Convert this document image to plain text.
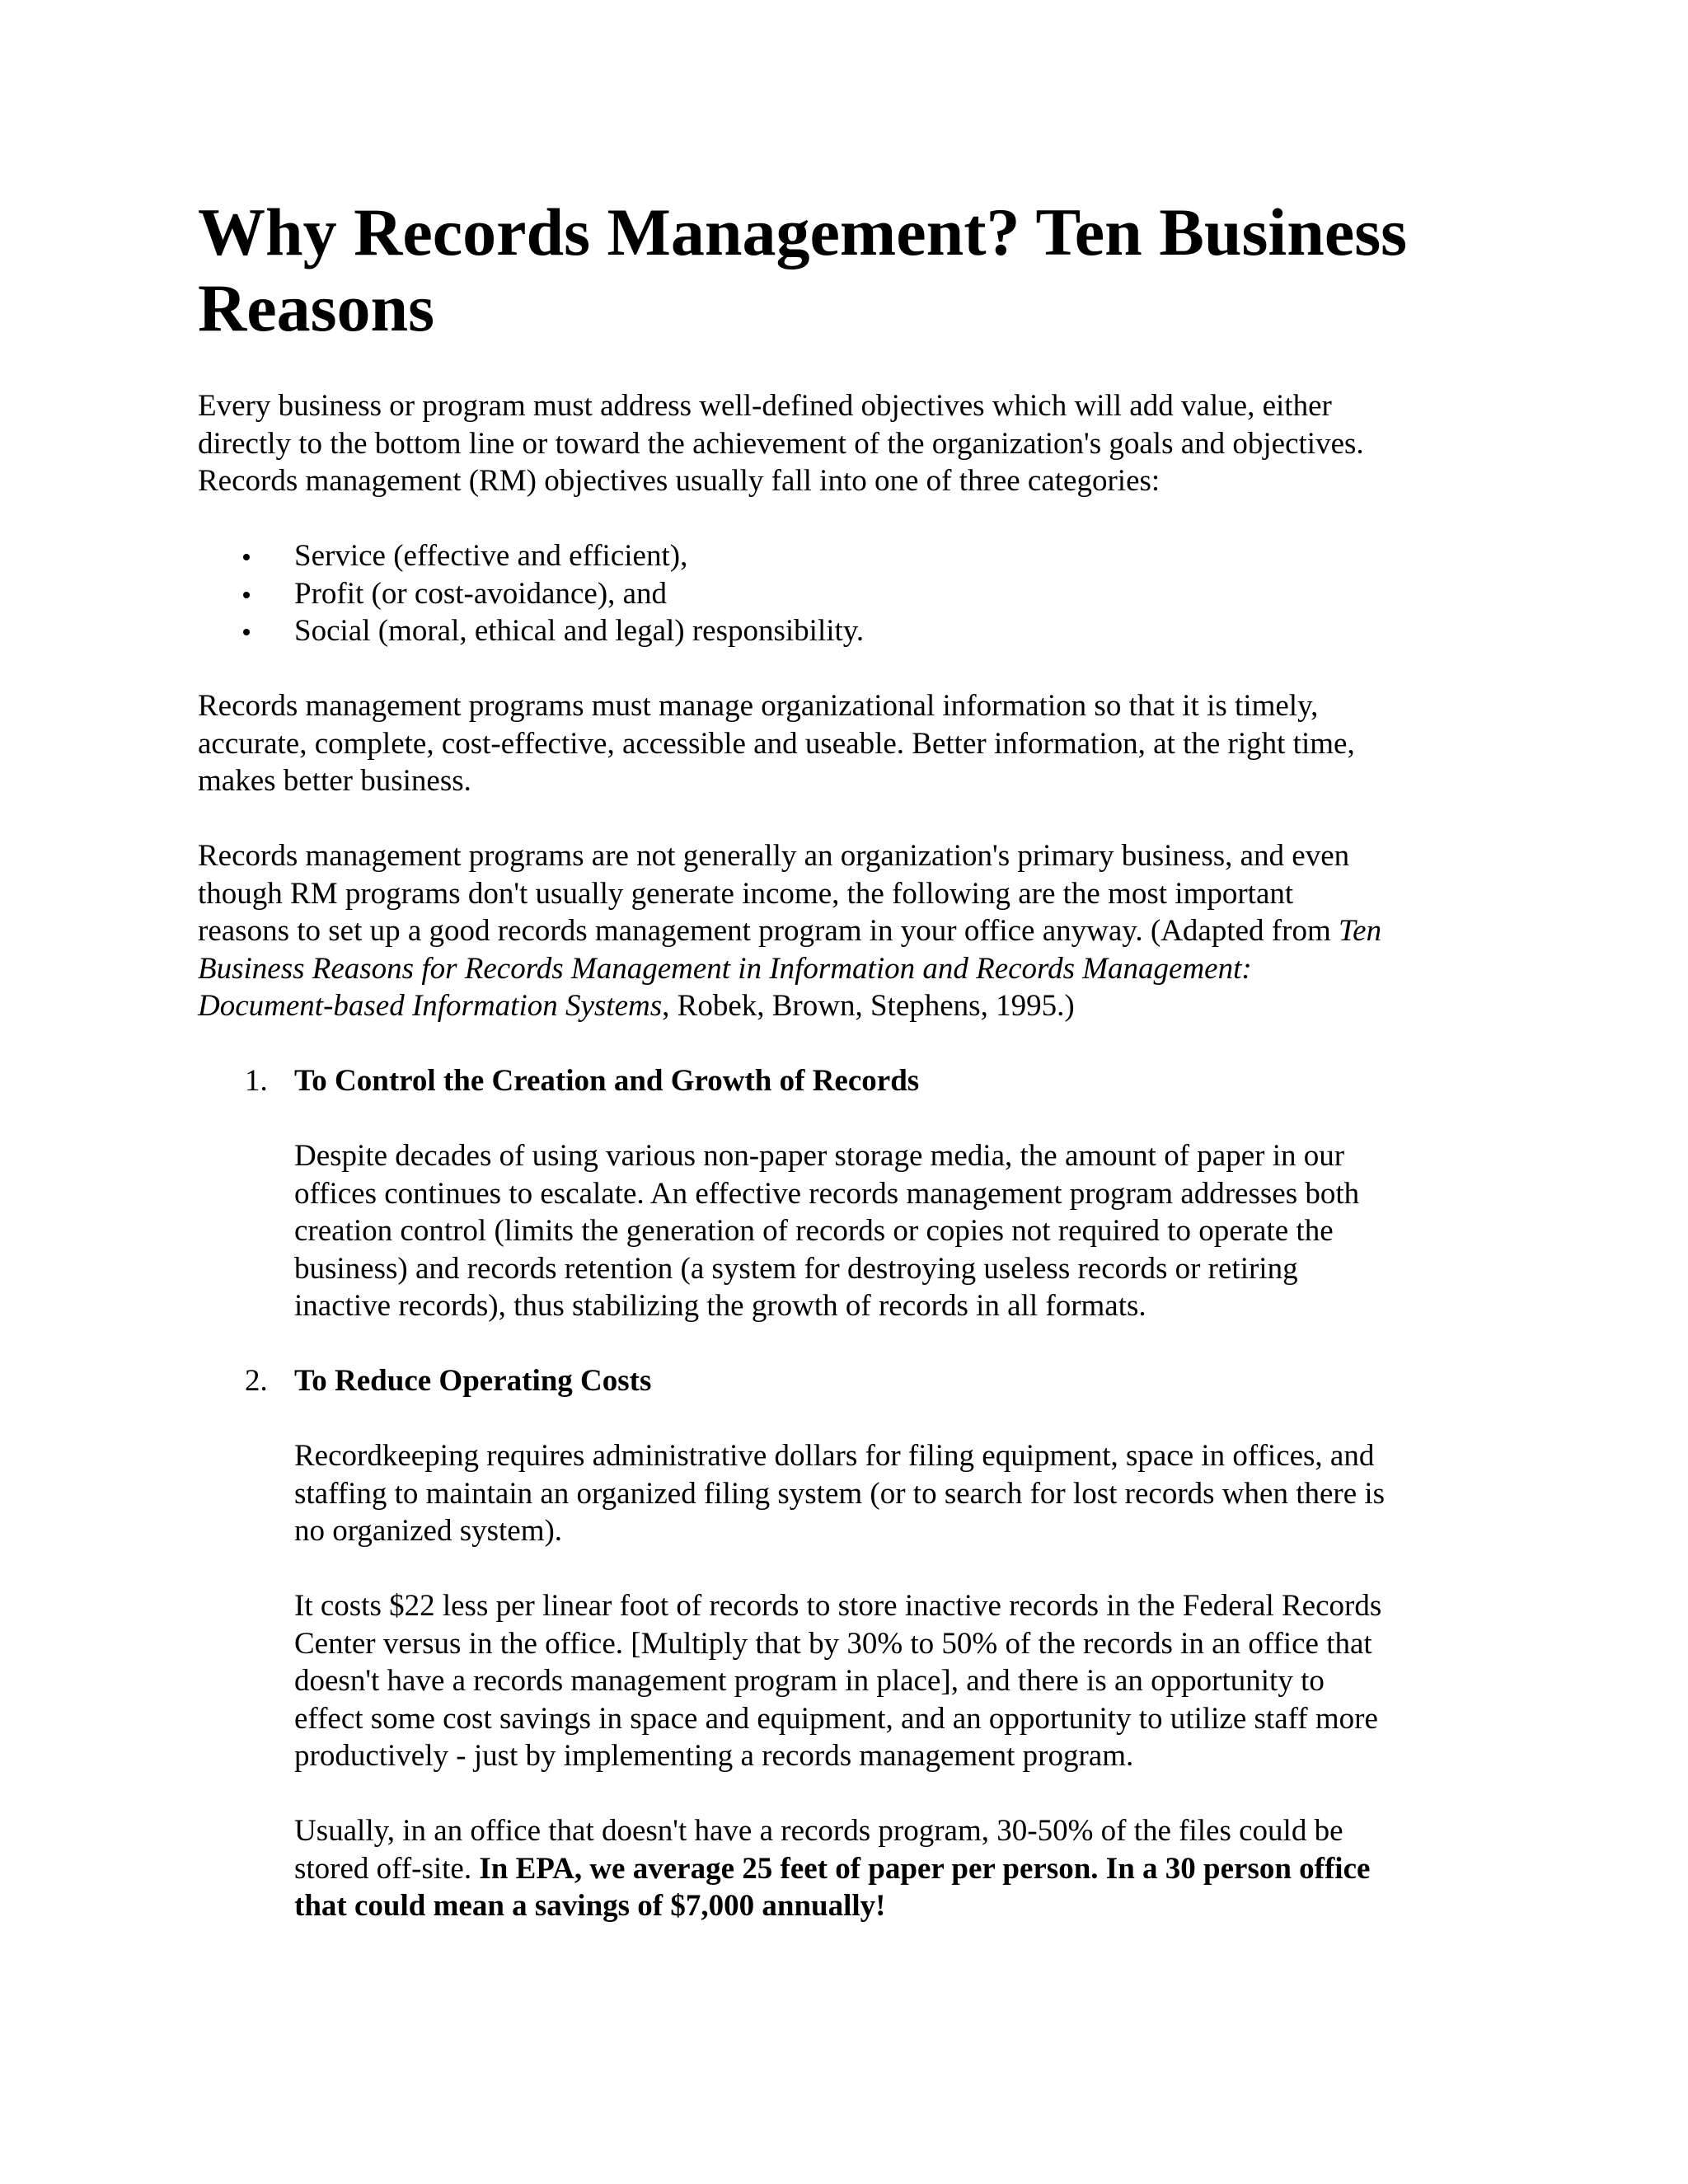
Why Records Management? Ten Business Reasons

Every business or program must address well-defined objectives which will add value, either
directly to the bottom line or toward the achievement of the organization's goals and objectives.
Records management (RM) objectives usually fall into one of three categories:

Service (effective and efficient),
Profit (or cost-avoidance), and
Social (moral, ethical and legal) responsibility.

Records management programs must manage organizational information so that it is timely,
accurate, complete, cost-effective, accessible and useable. Better information, at the right time,
makes better business.

Records management programs are not generally an organization's primary business, and even
though RM programs don't usually generate income, the following are the most important
reasons to set up a good records management program in your office anyway. (Adapted from Ten
Business Reasons for Records Management in Information and Records Management:
Document-based Information Systems, Robek, Brown, Stephens, 1995.)

1. To Control the Creation and Growth of Records

Despite decades of using various non-paper storage media, the amount of paper in our
offices continues to escalate. An effective records management program addresses both
creation control (limits the generation of records or copies not required to operate the
business) and records retention (a system for destroying useless records or retiring
inactive records), thus stabilizing the growth of records in all formats.

2. To Reduce Operating Costs

Recordkeeping requires administrative dollars for filing equipment, space in offices, and
staffing to maintain an organized filing system (or to search for lost records when there is
no organized system).

It costs $22 less per linear foot of records to store inactive records in the Federal Records
Center versus in the office. [Multiply that by 30% to 50% of the records in an office that
doesn't have a records management program in place], and there is an opportunity to
effect some cost savings in space and equipment, and an opportunity to utilize staff more
productively - just by implementing a records management program.

Usually, in an office that doesn't have a records program, 30-50% of the files could be
stored off-site. In EPA, we average 25 feet of paper per person. In a 30 person office
that could mean a savings of $7,000 annually!
